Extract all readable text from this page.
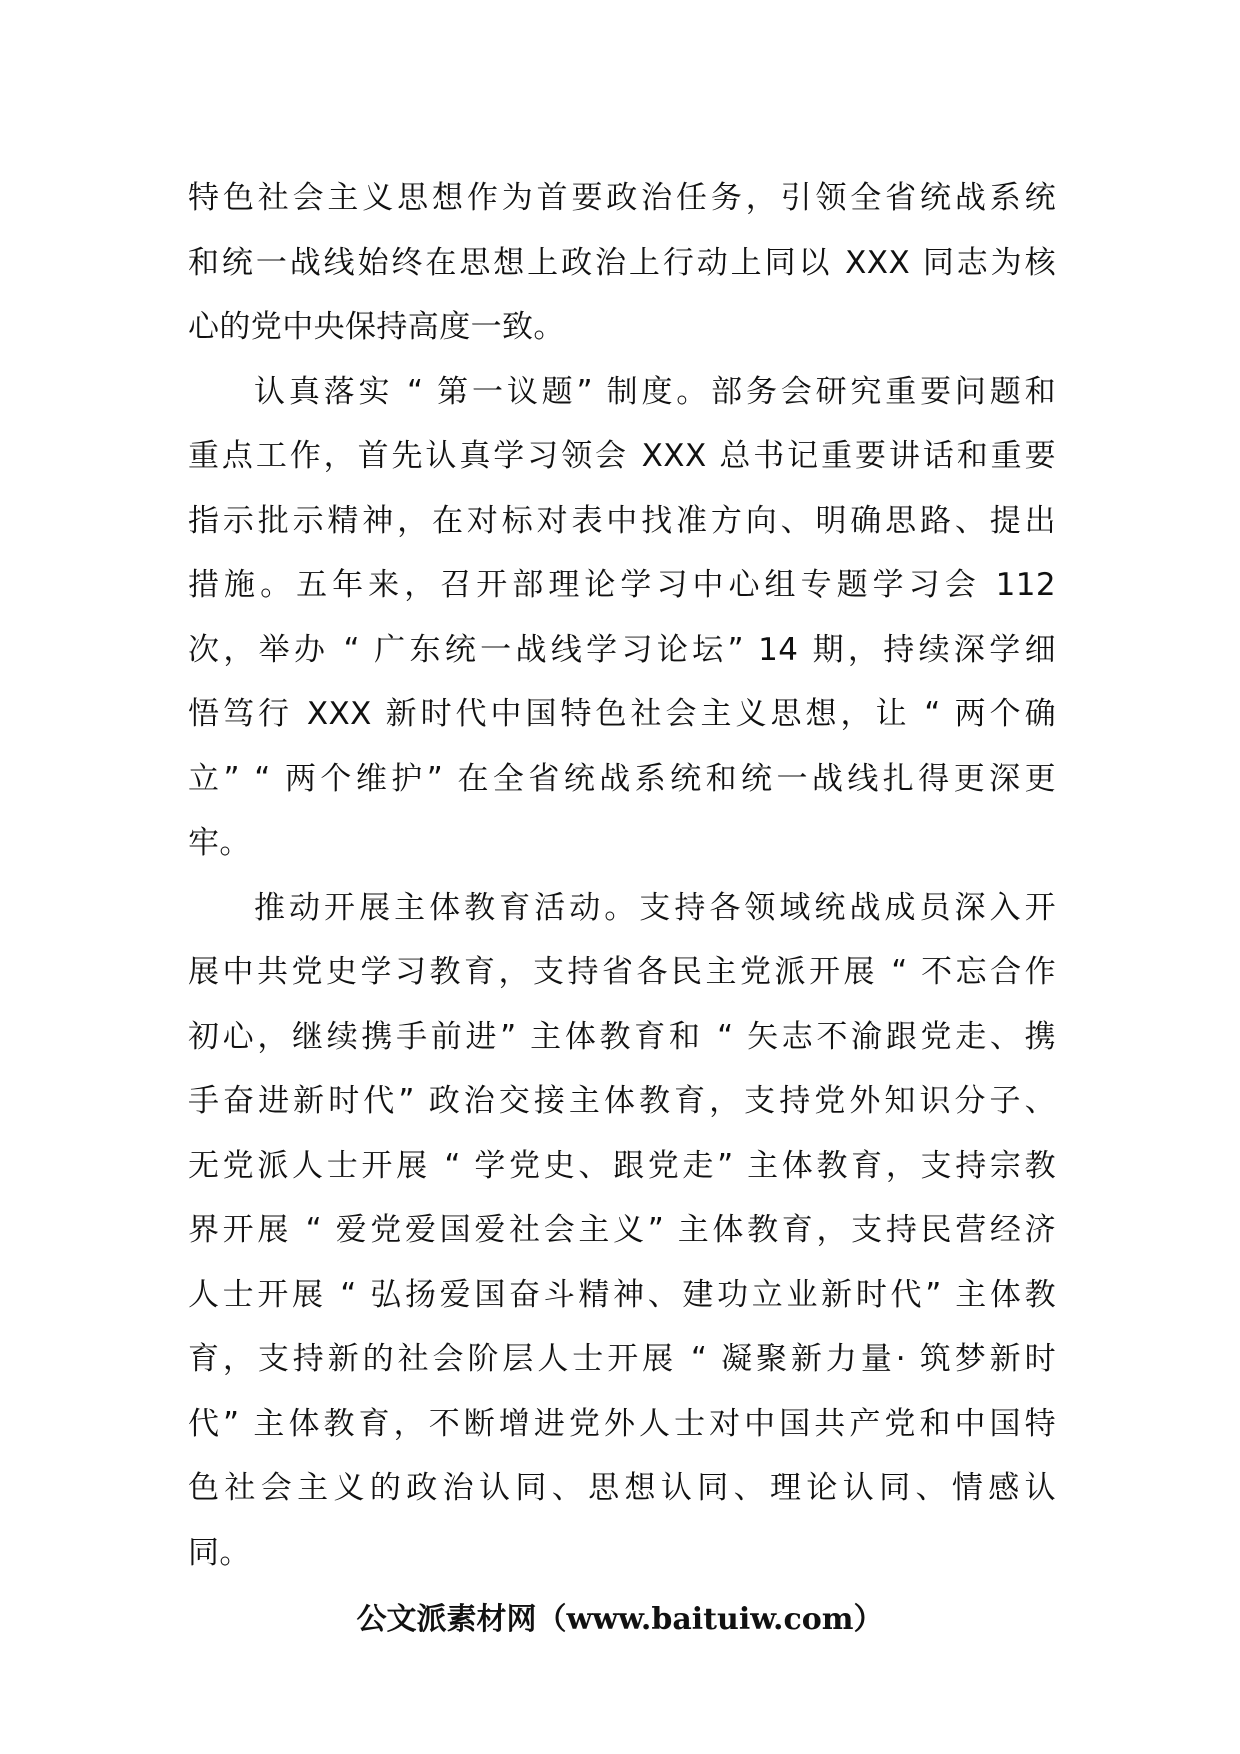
特色社会主义思想作为首要政治任务，引领全省统战系统
和统一战线始终在思想上政治上行动上同以 XXX 同志为核
心的党中央保持高度一致。
认真落实 “ 第一议题” 制度。部务会研究重要问题和
重点工作，首先认真学习领会 XXX 总书记重要讲话和重要
指示批示精神，在对标对表中找准方向、明确思路、提出
措施。五年来，召开部理论学习中心组专题学习会 112
次，举办 “ 广东统一战线学习论坛” 14 期，持续深学细
悟笃行 XXX 新时代中国特色社会主义思想，让 “ 两个确
立” “ 两个维护” 在全省统战系统和统一战线扎得更深更
牢。
推动开展主体教育活动。支持各领域统战成员深入开
展中共党史学习教育，支持省各民主党派开展 “ 不忘合作
初心，继续携手前进” 主体教育和 “ 矢志不渝跟党走、携
手奋进新时代” 政治交接主体教育，支持党外知识分子、
无党派人士开展 “ 学党史、跟党走” 主体教育，支持宗教
界开展 “ 爱党爱国爱社会主义” 主体教育，支持民营经济
人士开展 “ 弘扬爱国奋斗精神、建功立业新时代” 主体教
育，支持新的社会阶层人士开展 “ 凝聚新力量· 筑梦新时
代” 主体教育，不断增进党外人士对中国共产党和中国特
色社会主义的政治认同、思想认同、理论认同、情感认
同。
公文派素材网（www.baituiw.com）
